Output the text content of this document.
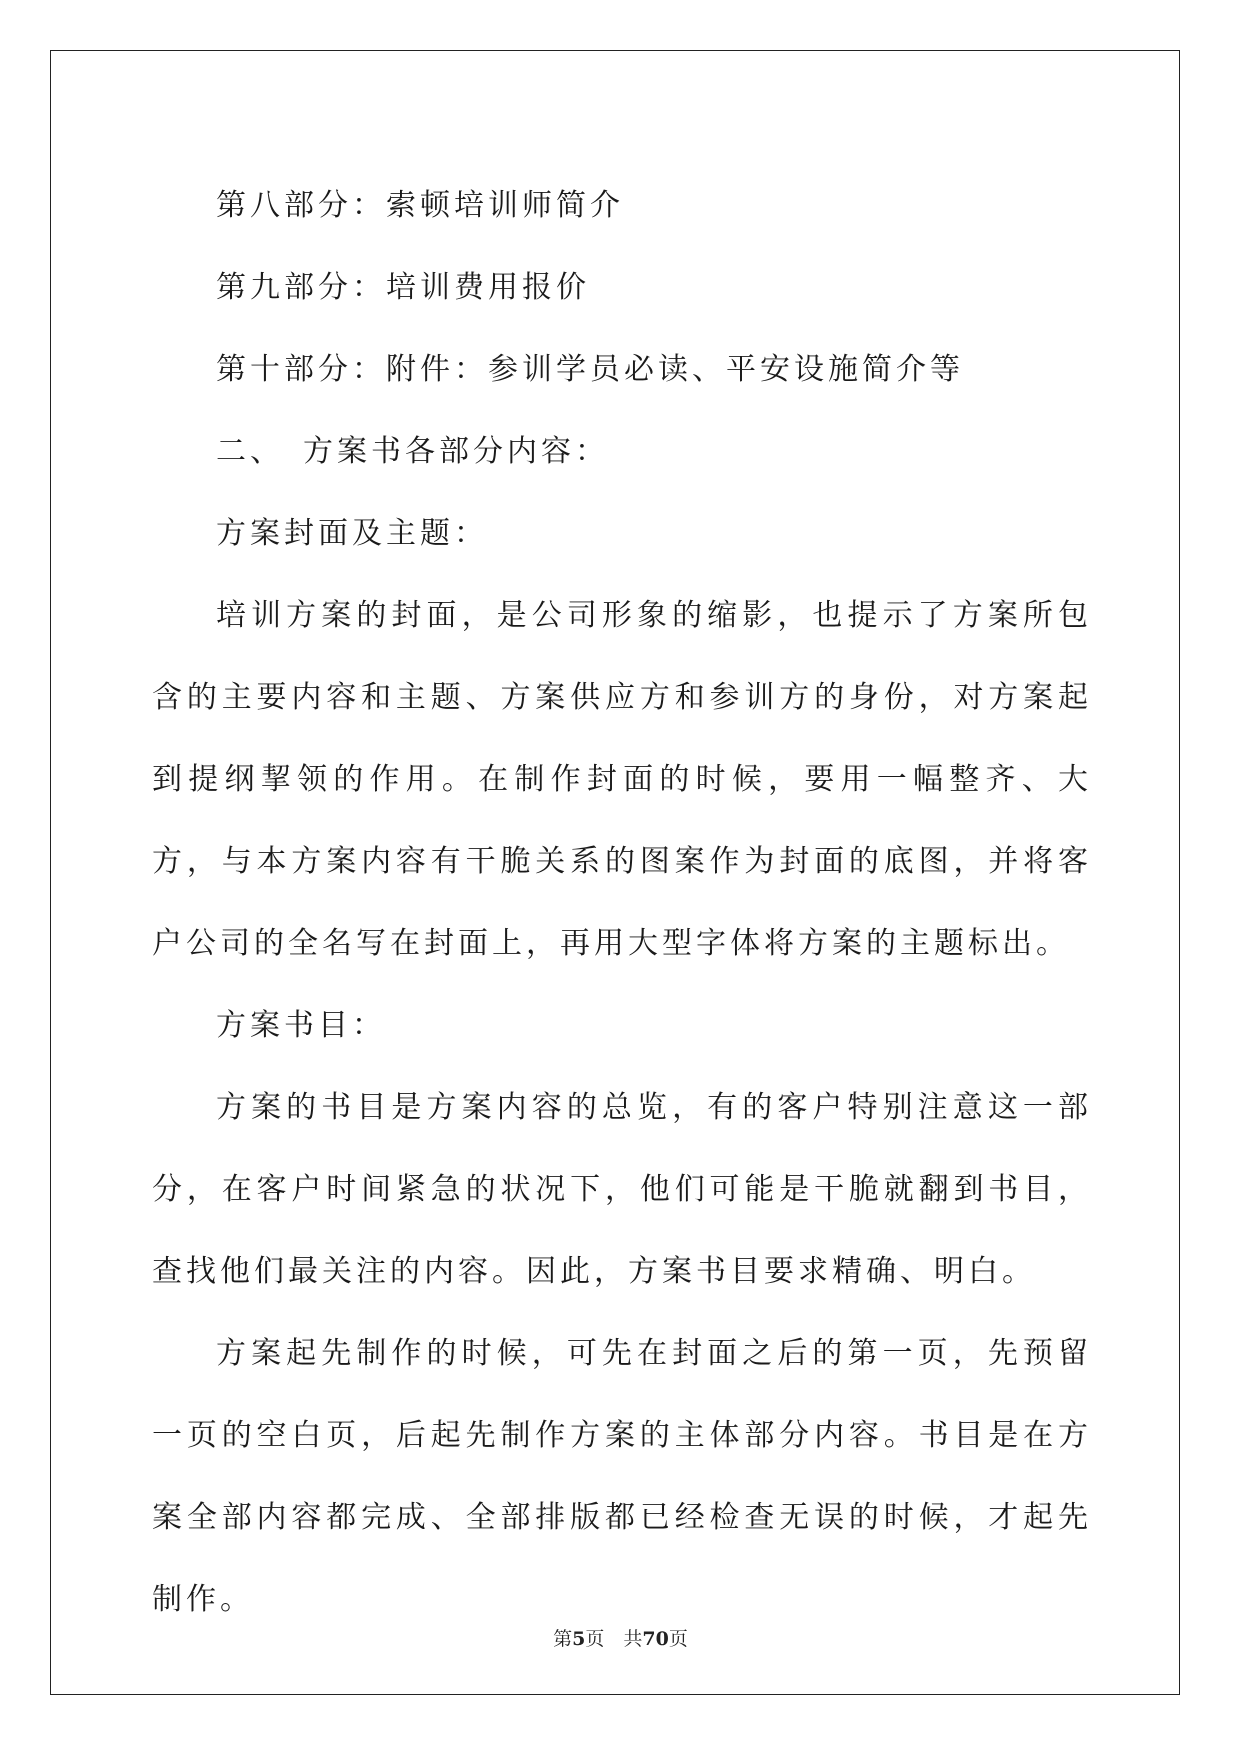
第八部分：索顿培训师简介
第九部分：培训费用报价
第十部分：附件：参训学员必读、平安设施简介等
二、　方案书各部分内容：
方案封面及主题：

培训方案的封面，是公司形象的缩影，也提示了方案所包含的主要内容和主题、方案供应方和参训方的身份，对方案起到提纲挈领的作用。在制作封面的时候，要用一幅整齐、大方，与本方案内容有干脆关系的图案作为封面的底图，并将客户公司的全名写在封面上，再用大型字体将方案的主题标出。

方案书目：

方案的书目是方案内容的总览，有的客户特别注意这一部分，在客户时间紧急的状况下，他们可能是干脆就翻到书目，查找他们最关注的内容。因此，方案书目要求精确、明白。

方案起先制作的时候，可先在封面之后的第一页，先预留一页的空白页，后起先制作方案的主体部分内容。书目是在方案全部内容都完成、全部排版都已经检查无误的时候，才起先制作。

第5页　共70页
